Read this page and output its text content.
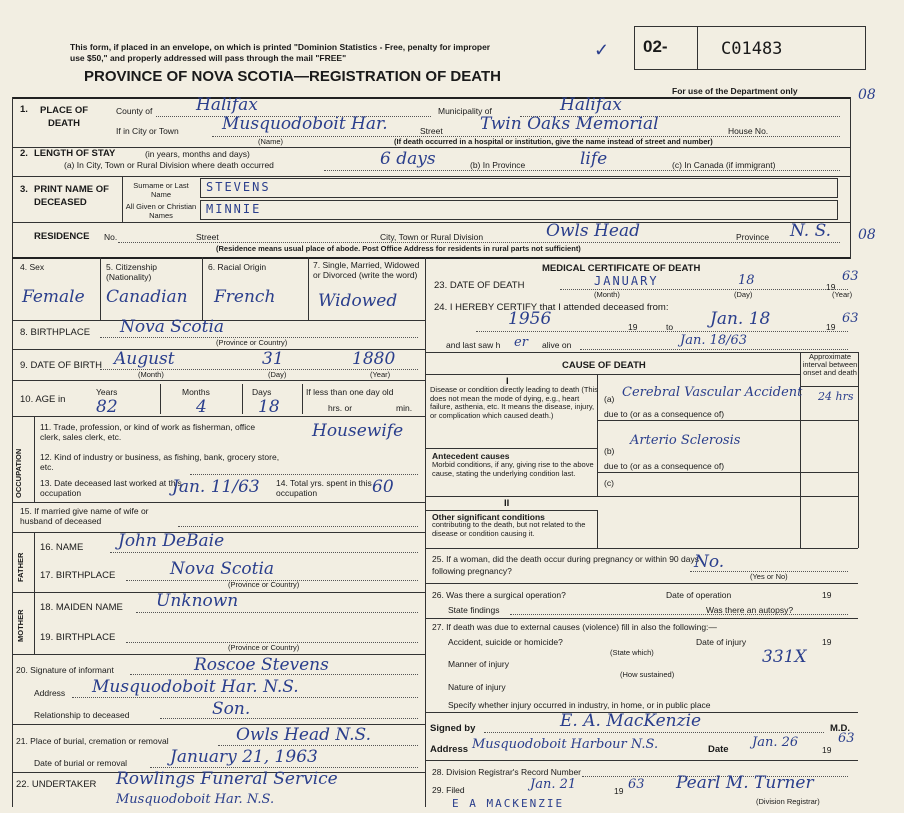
This form, if placed in an envelope, on which is printed "Dominion Statistics - Free, penalty for improper
use $50," and properly addressed will pass through the mail "FREE"	✓
PROVINCE OF NOVA SCOTIA—REGISTRATION OF DEATH
02-	C01483
For use of the Department only	08
08
1.	PLACE OF DEATH
County of	Halifax	Municipality of	Halifax
If in City or Town	Musquodoboit Har.	Street Twin Oaks Memorial	House No.
(Name)	(If death occurred in a hospital or institution, give the name instead of street and number)
2. LENGTH OF STAY	(in years, months and days)
(a) In City, Town or Rural Division where death occurred	6 days	(b) In Province	life	(c) In Canada (if immigrant)
3. PRINT NAME OF DECEASED
Surname or Last Name
All Given or Christian Names
STEVENS
MINNIE
RESIDENCE No.	Street	City, Town or Rural Division	Owls Head	Province N. S.
(Residence means usual place of abode. Post Office Address for residents in rural parts not sufficient)
4. Sex
Female
5. Citizenship (Nationality)
Canadian
6. Racial Origin
French
7. Single, Married, Widowed or Divorced (write the word)
Widowed
8. BIRTHPLACE Nova Scotia
(Province or Country)
9. DATE OF BIRTH August	31	1880
(Month)	(Day)	(Year)
10. AGE in
Years
82
Months
4
Days
18
If less than one day old
hrs. or	min.
OCCUPATION
11. Trade, profession, or kind of work as fisherman, office clerk, sales clerk, etc.	Housewife
12. Kind of industry or business, as fishing, bank, grocery store, etc.
13. Date deceased last worked at this occupation	Jan. 11/63 14. Total yrs. spent in this occupation	60
15. If married give name of wife or husband of deceased
FATHER
16. NAME John DeBaie
17. BIRTHPLACE	Nova Scotia
(Province or Country)
MOTHER
18. MAIDEN NAME Unknown
19. BIRTHPLACE
(Province or Country)
20. Signature of informant	Roscoe Stevens
Address Musquodoboit Har. N.S.
Relationship to deceased	Son.
21. Place of burial, cremation or removal	Owls Head N.S.
Date of burial or removal	January 21, 1963
22. UNDERTAKER Rowlings Funeral Service
Musquodoboit Har. N.S.
MEDICAL CERTIFICATE OF DEATH
23. DATE OF DEATH	JANUARY	18	19
63
(Month)	(Day)	(Year)
24. I HEREBY CERTIFY that I attended deceased from:
1956	19	to Jan. 18	19
63
and last saw h er alive on	Jan. 18/63
CAUSE OF DEATH
Approximate interval between onset and death
I
Disease or condition directly leading to death (This does not mean the mode of dying, e.g., heart failure, asthenia, etc. It means the disease, injury, or complication which caused death.)
(a) Cerebral Vascular Accident 24 hrs
due to (or as a consequence of)
Antecedent causes
Morbid conditions, if any, giving rise to the above cause, stating the underlying condition last.
(b)
Arterio Sclerosis
due to (or as a consequence of)
(c)
II
Other significant conditions
contributing to the death, but not related to the disease or condition causing it.
25. If a woman, did the death occur during pregnancy or within 90 days following pregnancy?	No.
(Yes or No)
26. Was there a surgical operation?	Date of operation	19
State findings	Was there an autopsy?
27. If death was due to external causes (violence) fill in also the following:—
Accident, suicide or homicide?	Date of injury	19
(State which)
Manner of injury	331X
(How sustained)
Nature of injury
Specify whether injury occurred in industry, in home, or in public place
Signed by	E. A. MacKenzie	M.D.
Address Musquodoboit Harbour N.S.	Date Jan. 26	19
63
28. Division Registrar's Record Number
29. Filed	Jan. 21	19 63 Pearl M. Turner
(Division Registrar)
E A MACKENZIE
